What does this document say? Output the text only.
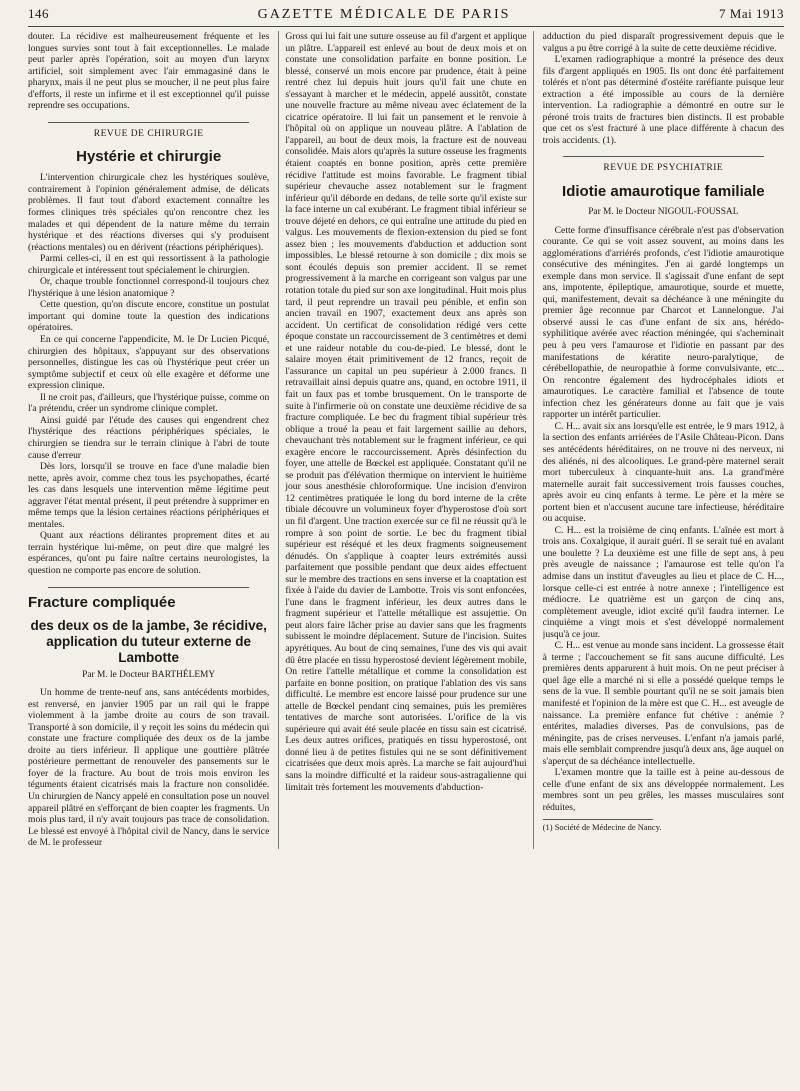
146	GAZETTE MÉDICALE DE PARIS	7 Mai 1913

douter. La récidive est malheureusement fréquente et les longues survies sont tout à fait exceptionnelles. Le malade peut parler après l'opération, soit au moyen d'un larynx artificiel, soit simplement avec l'air emmagasiné dans le pharynx, mais il ne peut plus se moucher, il ne peut plus faire d'efforts, il reste un infirme et il est exceptionnel qu'il puisse reprendre ses occupations.

REVUE DE CHIRURGIE
Hystérie et chirurgie

L'intervention chirurgicale chez les hystériques soulève, contrairement à l'opinion généralement admise, de délicats problèmes. Il faut tout d'abord exactement connaître les formes cliniques très spéciales qu'on rencontre chez les malades et qui dépendent de la nature même du terrain hystérique et des réactions diverses qui s'y produisent (réactions mentales) ou en dérivent (réactions périphériques).

Parmi celles-ci, il en est qui ressortissent à la pathologie chirurgicale et intéressent tout spécialement le chirurgien.

Or, chaque trouble fonctionnel correspond-il toujours chez l'hystérique à une lésion anatomique ?

Cette question, qu'on discute encore, constitue un postulat important qui domine toute la question des indications opératoires.

En ce qui concerne l'appendicite, M. le Dr Lucien Picqué, chirurgien des hôpitaux, s'appuyant sur des observations personnelles, distingue les cas où l'hystérique peut créer un symptôme subjectif et ceux où elle exagère et déforme une expression clinique.

Il ne croit pas, d'ailleurs, que l'hystérique puisse, comme on l'a prétendu, créer un syndrome clinique complet.

Ainsi guidé par l'étude des causes qui engendrent chez l'hystérique des réactions périphériques spéciales, le chirurgien se tiendra sur le terrain clinique à l'abri de toute cause d'erreur

Dès lors, lorsqu'il se trouve en face d'une maladie bien nette, après avoir, comme chez tous les psychopathes, écarté les cas dans lesquels une intervention même légitime peut aggraver l'état mental présent, il peut prétendre à supprimer en même temps que la lésion certaines réactions périphériques et mentales.

Quant aux réactions délirantes proprement dites et au terrain hystérique lui-même, on peut dire que malgré les espérances, qu'ont pu faire naître certains neurologistes, la question ne comporte pas encore de solution.

Fracture compliquée
des deux os de la jambe, 3e récidive,
application du tuteur externe de Lambotte
Par M. le Docteur BARTHÉLEMY

Un homme de trente-neuf ans, sans antécédents morbides, est renversé, en janvier 1905 par un rail qui le frappe violemment à la jambe droite au cours de son travail. Transporté à son domicile, il y reçoit les soins du médecin qui constate une fracture compliquée des deux os de la jambe droite au tiers inférieur. Il applique une gouttière plâtrée postérieure permettant de renouveler des pansements sur le foyer de la fracture. Au bout de trois mois environ les téguments étaient cicatrisés mais la fracture non consolidée. Un chirurgien de Nancy appelé en consultation pose un nouvel appareil plâtré en s'efforçant de bien coapter les fragments. Un mois plus tard, il n'y avait toujours pas trace de consolidation. Le blessé est envoyé à l'hôpital civil de Nancy, dans le service de M. le professeur

Gross qui lui fait une suture osseuse au fil d'argent et applique un plâtre. L'appareil est enlevé au bout de deux mois et on constate une consolidation parfaite en bonne position. Le blessé, conservé un mois encore par prudence, était à peine rentré chez lui depuis huit jours qu'il fait une chute en s'essayant à marcher et le médecin, appelé aussitôt, constate une nouvelle fracture au même niveau avec éclatement de la cicatrice opératoire. Il lui fait un pansement et le renvoie à l'hôpital où on applique un nouveau plâtre. A l'ablation de l'appareil, au bout de deux mois, la fracture est de nouveau consolidée. Mais alors qu'après la suture osseuse les fragments étaient coaptés en bonne position, après cette première récidive l'attitude est moins favorable. Le fragment tibial supérieur chevauche assez notablement sur le fragment inférieur qu'il déborde en dedans, de telle sorte qu'il existe sur la face interne un cal exubérant. Le fragment tibial inférieur se trouve déjeté en dehors, ce qui entraîne une attitude du pied en valgus. Les mouvements de flexion-extension du pied se font assez bien ; les mouvements d'abduction et adduction sont impossibles. Le blessé retourne à son domicile ; dix mois se sont écoulés depuis son premier accident. Il se remet progressivement à la marche en corrigeant son valgus par une rotation totale du pied sur son axe longitudinal. Huit mois plus tard, il peut reprendre un travail peu pénible, et enfin son ancien travail en 1907, exactement deux ans après son accident. Un certificat de consolidation rédigé vers cette époque constate un raccourcissement de 3 centimètres et demi et une raideur notable du cou-de-pied. Le blessé, dont le salaire moyen était primitivement de 12 francs, reçoit de l'assurance un capital un peu supérieur à 2.000 francs. Il retravaillait ainsi depuis quatre ans, quand, en octobre 1911, il fait un faux pas et tombe brusquement. On le transporte de suite à l'infirmerie où on constate une deuxième récidive de sa fracture compliquée. Le bec du fragment tibial supérieur très oblique a troué la peau et fait largement saillie au dehors, chevauchant très notablement sur le fragment inférieur, ce qui exagère encore le raccourcissement. Après désinfection du foyer, une attelle de Bœckel est appliquée. Constatant qu'il ne se produit pas d'élévation thermique on intervient le huitième jour sous anesthésie chloroformique. Une incision d'environ 12 centimètres pratiquée le long du bord interne de la crête tibiale découvre un volumineux foyer d'hyperostose d'où sort un fil d'argent. Une traction exercée sur ce fil ne réussit qu'à le rompre à son point de sortie. Le bec du fragment tibial supérieur est réséqué et les deux fragments soigneusement dénudés. On s'applique à coapter leurs extrémités aussi parfaitement que possible pendant que deux aides effectuent sur le membre des tractions en sens inverse et la coaptation est fixée à l'aide du davier de Lambotte. Trois vis sont enfoncées, l'une dans le fragment inférieur, les deux autres dans le fragment supérieur et l'attelle métallique est assujettie. On peut alors faire lâcher prise au davier sans que les fragments subissent le moindre déplacement. Suture de l'incision. Suites apyrétiques. Au bout de cinq semaines, l'une des vis qui avait dû être placée en tissu hyperostosé devient légèrement mobile, On retire l'attelle métallique et comme la consolidation est parfaite en bonne position, on pratique l'ablation des vis sans difficulté. Le membre est encore laissé pour prudence sur une attelle de Bœckel pendant cinq semaines, puis les premières tentatives de marche sont autorisées. L'orifice de la vis supérieure qui avait été seule placée en tissu sain est cicatrisé. Les deux autres orifices, pratiqués en tissu hyperostosé, ont donné lieu à de petites fistules qui ne se sont définitivement cicatrisées que deux mois après. La marche se fait aujourd'hui sans la moindre difficulté et la raideur sous-astragalienne qui limitait très fortement les mouvements d'abduction-

adduction du pied disparaît progressivement depuis que le valgus a pu être corrigé à la suite de cette deuxième récidive.

L'examen radiographique a montré la présence des deux fils d'argent appliqués en 1905. Ils ont donc été parfaitement tolérés et n'ont pas déterminé d'ostéite raréfiante puisque leur extraction a été impossible au cours de la dernière intervention. La radiographie a démontré en outre sur le péroné trois traits de fractures bien distincts. Il est probable que cet os s'est fracturé à une place différente à chacun des trois accidents. (1).

REVUE DE PSYCHIATRIE
Idiotie amaurotique familiale
Par M. le Docteur NIGOUL-FOUSSAL

Cette forme d'insuffisance cérébrale n'est pas d'observation courante. Ce qui se voit assez souvent, au moins dans les agglomérations d'arriérés profonds, c'est l'idiotie amaurotique consécutive des méningites. J'en ai gardé longtemps un exemple dans mon service. Il s'agissait d'une enfant de sept ans, impotente, épileptique, amaurotique, sourde et muette, qui, manifestement, devait sa déchéance à une méningite du premier âge reconnue par Charcot et Lannelongue. J'ai observé aussi le cas d'une enfant de six ans, hérédo-syphilitique avérée avec réaction méningée, qui s'acheminait peu à peu vers l'amaurose et l'idiotie en passant par des manifestations de kératite neuro-paralytique, de cérébellopathie, de neuropathie à forme convulsivante, etc... On rencontre également des hydrocéphales idiots et amaurotiques. Le caractère familial et l'absence de toute infection chez les générateurs donne au fait que je vais rapporter un intérêt particulier.

C. H... avait six ans lorsqu'elle est entrée, le 9 mars 1912, à la section des enfants arriérées de l'Asile Château-Picon. Dans ses antécédents héréditaires, on ne trouve ni des nerveux, ni des aliénés, ni des alcooliques. Le grand-père maternel serait mort tuberculeux à cinquante-huit ans. La grand'mère maternelle aurait fait successivement trois fausses couches, après avoir eu cinq enfants à terme. Le père et la mère se portent bien et n'accusent aucune tare infectieuse, héréditaire ou acquise.

C. H... est la troisième de cinq enfants. L'aînée est mort à trois ans. Coxalgique, il aurait guéri. Il se serait tué en avalant une boulette ? La deuxième est une fille de sept ans, à peu près aveugle de naissance ; l'amaurose est telle qu'on l'a admise dans un institut d'aveugles au lieu et place de C. H..., lorsque celle-ci est entrée à notre annexe ; l'intelligence est médiocre. Le quatrième est un garçon de cinq ans, complètement aveugle, idiot excité qu'il faudra interner. Le cinquième a vingt mois et s'est développé normalement jusqu'à ce jour.

C. H... est venue au monde sans incident. La grossesse était à terme ; l'accouchement se fit sans aucune difficulté. Les premières dents apparurent à huit mois. On ne peut préciser à quel âge elle a marché ni si elle a possédé quelque temps le sens de la vue. Il semble pourtant qu'il ne se soit jamais bien manifesté et l'opinion de la mère est que C. H... est aveugle de naissance. La première enfance fut chétive : anémie ? entérites, maladies diverses. Pas de convulsions, pas de méningite, pas de crises nerveuses. L'enfant n'a jamais parlé, mais elle semblait comprendre jusqu'à deux ans, âge auquel on s'aperçut de sa déchéance intellectuelle.

L'examen montre que la taille est à peine au-dessous de celle d'une enfant de six ans développée normalement. Les membres sont un peu grêles, les masses musculaires sont réduites,

(1) Société de Médecine de Nancy.
